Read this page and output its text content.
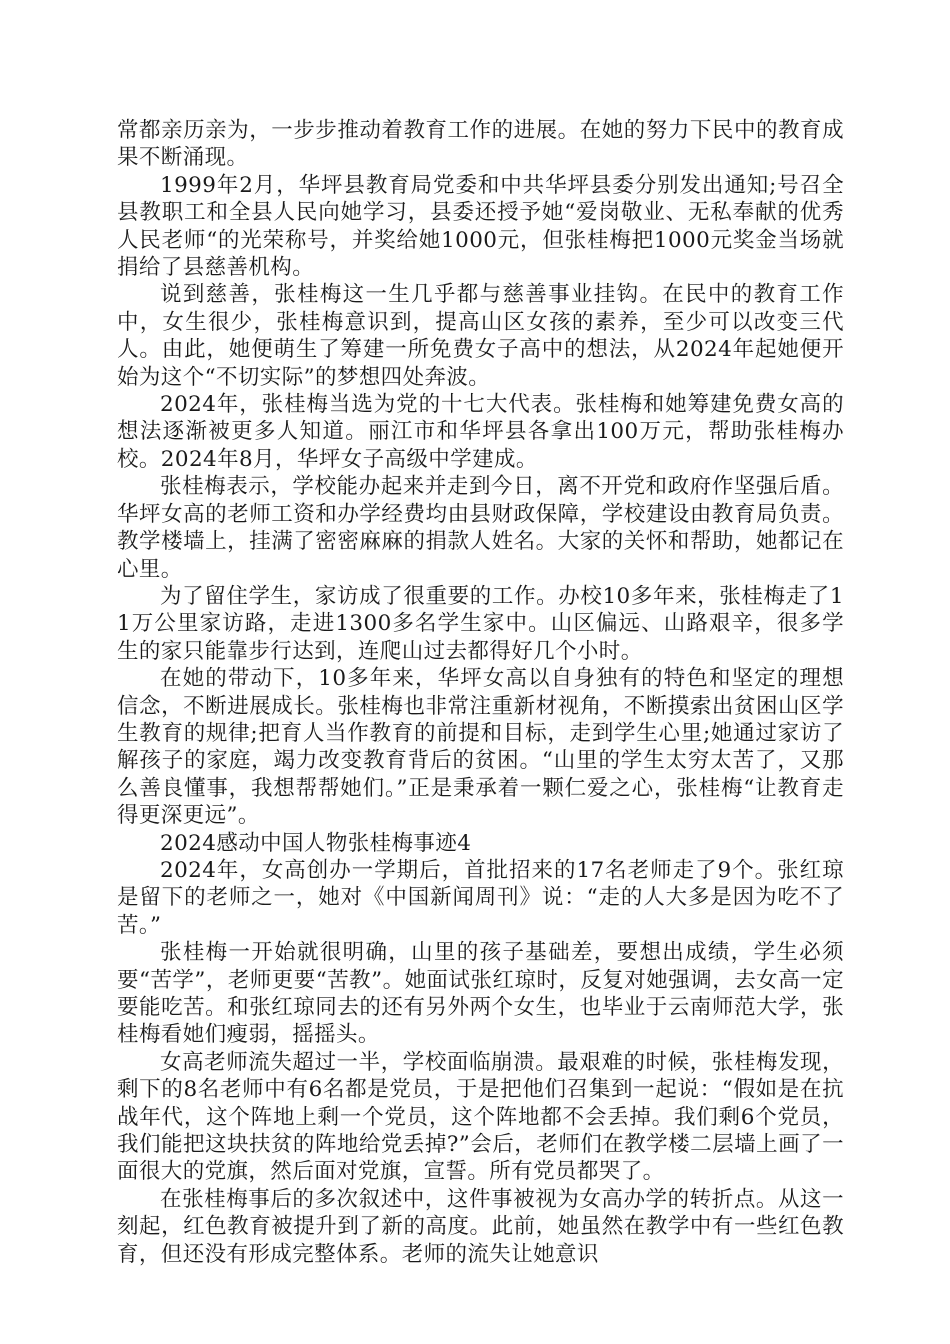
常都亲历亲为，一步步推动着教育工作的进展。在她的努力下民中的教育成果不断涌现。

1999年2月，华坪县教育局党委和中共华坪县委分别发出通知;号召全县教职工和全县人民向她学习，县委还授予她“爱岗敬业、无私奉献的优秀人民老师“的光荣称号，并奖给她1000元，但张桂梅把1000元奖金当场就捐给了县慈善机构。

说到慈善，张桂梅这一生几乎都与慈善事业挂钩。在民中的教育工作中，女生很少，张桂梅意识到，提高山区女孩的素养，至少可以改变三代人。由此，她便萌生了筹建一所免费女子高中的想法，从2024年起她便开始为这个“不切实际”的梦想四处奔波。

2024年，张桂梅当选为党的十七大代表。张桂梅和她筹建免费女高的想法逐渐被更多人知道。丽江市和华坪县各拿出100万元，帮助张桂梅办校。2024年8月，华坪女子高级中学建成。

张桂梅表示，学校能办起来并走到今日，离不开党和政府作坚强后盾。华坪女高的老师工资和办学经费均由县财政保障，学校建设由教育局负责。教学楼墙上，挂满了密密麻麻的捐款人姓名。大家的关怀和帮助，她都记在心里。

为了留住学生，家访成了很重要的工作。办校10多年来，张桂梅走了11万公里家访路，走进1300多名学生家中。山区偏远、山路艰辛，很多学生的家只能靠步行达到，连爬山过去都得好几个小时。

在她的带动下，10多年来，华坪女高以自身独有的特色和坚定的理想信念，不断进展成长。张桂梅也非常注重新材视角，不断摸索出贫困山区学生教育的规律;把育人当作教育的前提和目标，走到学生心里;她通过家访了解孩子的家庭，竭力改变教育背后的贫困。“山里的学生太穷太苦了，又那么善良懂事，我想帮帮她们。”正是秉承着一颗仁爱之心，张桂梅“让教育走得更深更远”。

2024感动中国人物张桂梅事迹4

2024年，女高创办一学期后，首批招来的17名老师走了9个。张红琼是留下的老师之一，她对《中国新闻周刊》说：“走的人大多是因为吃不了苦。”

张桂梅一开始就很明确，山里的孩子基础差，要想出成绩，学生必须要“苦学”，老师更要“苦教”。她面试张红琼时，反复对她强调，去女高一定要能吃苦。和张红琼同去的还有另外两个女生，也毕业于云南师范大学，张桂梅看她们瘦弱，摇摇头。

女高老师流失超过一半，学校面临崩溃。最艰难的时候，张桂梅发现，剩下的8名老师中有6名都是党员，于是把他们召集到一起说：“假如是在抗战年代，这个阵地上剩一个党员，这个阵地都不会丢掉。我们剩6个党员，我们能把这块扶贫的阵地给党丢掉?”会后，老师们在教学楼二层墙上画了一面很大的党旗，然后面对党旗，宣誓。所有党员都哭了。

在张桂梅事后的多次叙述中，这件事被视为女高办学的转折点。从这一刻起，红色教育被提升到了新的高度。此前，她虽然在教学中有一些红色教育，但还没有形成完整体系。老师的流失让她意识
